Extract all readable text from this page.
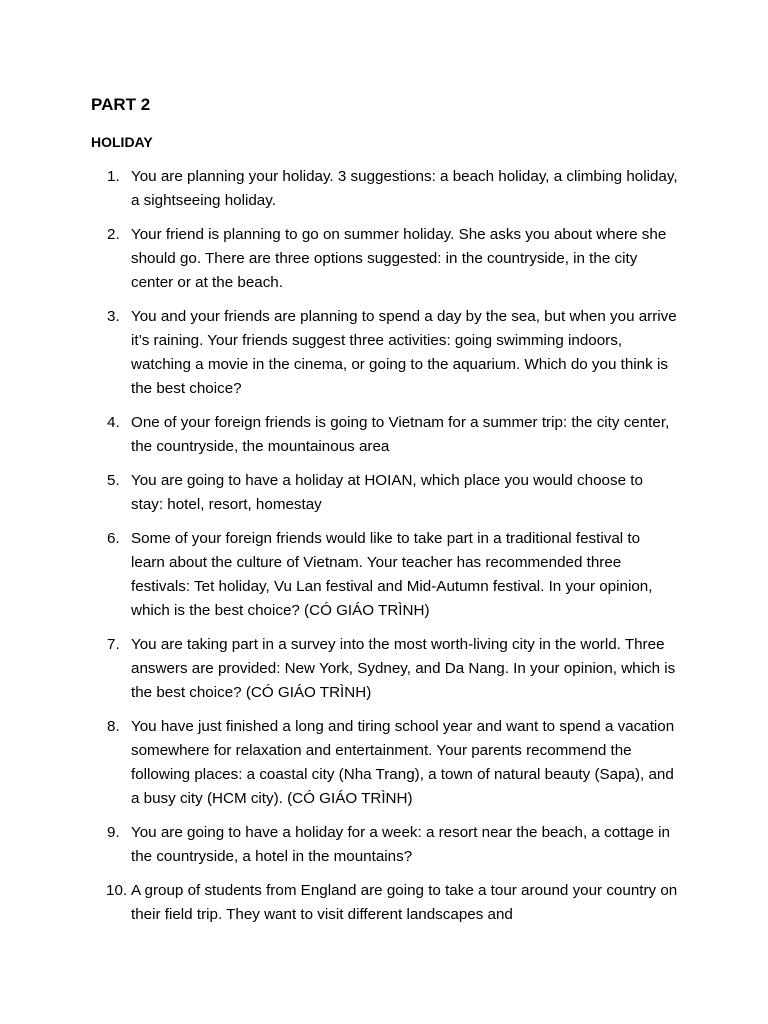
PART 2
HOLIDAY
1. You are planning your holiday. 3 suggestions: a beach holiday, a climbing holiday, a sightseeing holiday.
2. Your friend is planning to go on summer holiday. She asks you about where she should go. There are three options suggested: in the countryside, in the city center or at the beach.
3. You and your friends are planning to spend a day by the sea, but when you arrive it’s raining. Your friends suggest three activities: going swimming indoors, watching a movie in the cinema, or going to the aquarium. Which do you think is the best choice?
4. One of your foreign friends is going to Vietnam for a summer trip: the city center, the countryside, the mountainous area
5. You are going to have a holiday at HOIAN, which place you would choose to stay: hotel, resort, homestay
6. Some of your foreign friends would like to take part in a traditional festival to learn about the culture of Vietnam. Your teacher has recommended three festivals: Tet holiday, Vu Lan festival and Mid-Autumn festival. In your opinion, which is the best choice? (CÓ GIÁO TRÌNH)
7. You are taking part in a survey into the most worth-living city in the world. Three answers are provided: New York, Sydney, and Da Nang. In your opinion, which is the best choice? (CÓ GIÁO TRÌNH)
8. You have just finished a long and tiring school year and want to spend a vacation somewhere for relaxation and entertainment. Your parents recommend the following places: a coastal city (Nha Trang), a town of natural beauty (Sapa), and a busy city (HCM city). (CÓ GIÁO TRÌNH)
9. You are going to have a holiday for a week: a resort near the beach, a cottage in the countryside, a hotel in the mountains?
10. A group of students from England are going to take a tour around your country on their field trip. They want to visit different landscapes and
